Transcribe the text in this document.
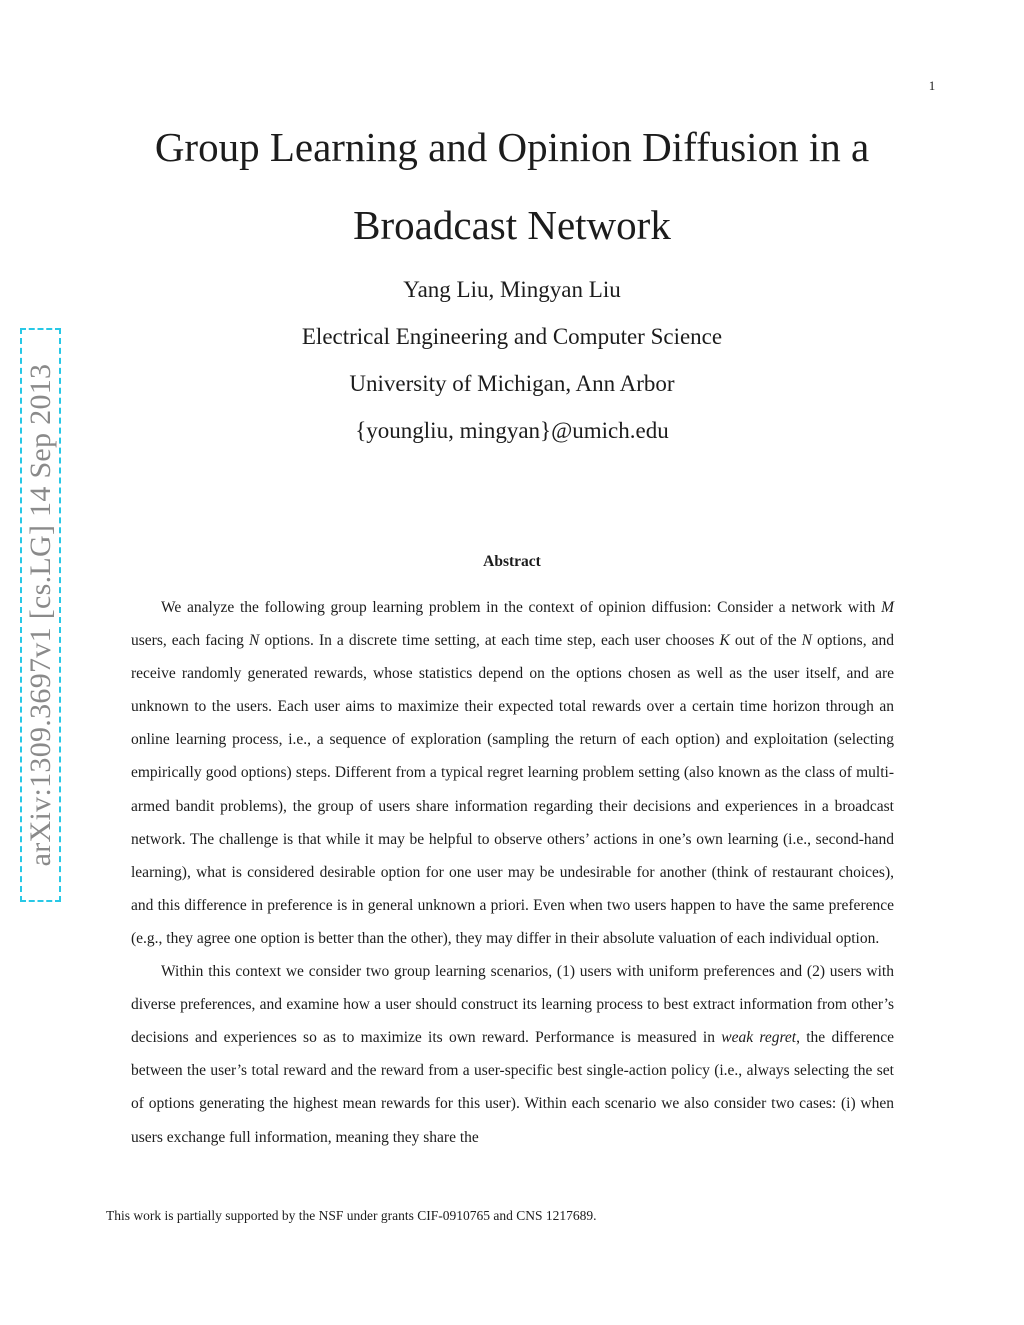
1
Group Learning and Opinion Diffusion in a
Broadcast Network
Yang Liu, Mingyan Liu
Electrical Engineering and Computer Science
University of Michigan, Ann Arbor
{youngliu, mingyan}@umich.edu
arXiv:1309.3697v1 [cs.LG] 14 Sep 2013	Abstract

We analyze the following group learning problem in the context of opinion diffusion: Consider a network with M users, each facing N options. In a discrete time setting, at each time step, each user chooses K out of the N options, and receive randomly generated rewards, whose statistics depend on the options chosen as well as the user itself, and are unknown to the users. Each user aims to maximize their expected total rewards over a certain time horizon through an online learning process, i.e., a sequence of exploration (sampling the return of each option) and exploitation (selecting empirically good options) steps. Different from a typical regret learning problem setting (also known as the class of multi-armed bandit problems), the group of users share information regarding their decisions and experiences in a broadcast network. The challenge is that while it may be helpful to observe others’ actions in one’s own learning (i.e., second-hand learning), what is considered desirable option for one user may be undesirable for another (think of restaurant choices), and this difference in preference is in general unknown a priori. Even when two users happen to have the same preference (e.g., they agree one option is better than the other), they may differ in their absolute valuation of each individual option.

Within this context we consider two group learning scenarios, (1) users with uniform preferences and (2) users with diverse preferences, and examine how a user should construct its learning process to best extract information from other’s decisions and experiences so as to maximize its own reward. Performance is measured in weak regret, the difference between the user’s total reward and the reward from a user-specific best single-action policy (i.e., always selecting the set of options generating the highest mean rewards for this user). Within each scenario we also consider two cases: (i) when users exchange full information, meaning they share the

This work is partially supported by the NSF under grants CIF-0910765 and CNS 1217689.
